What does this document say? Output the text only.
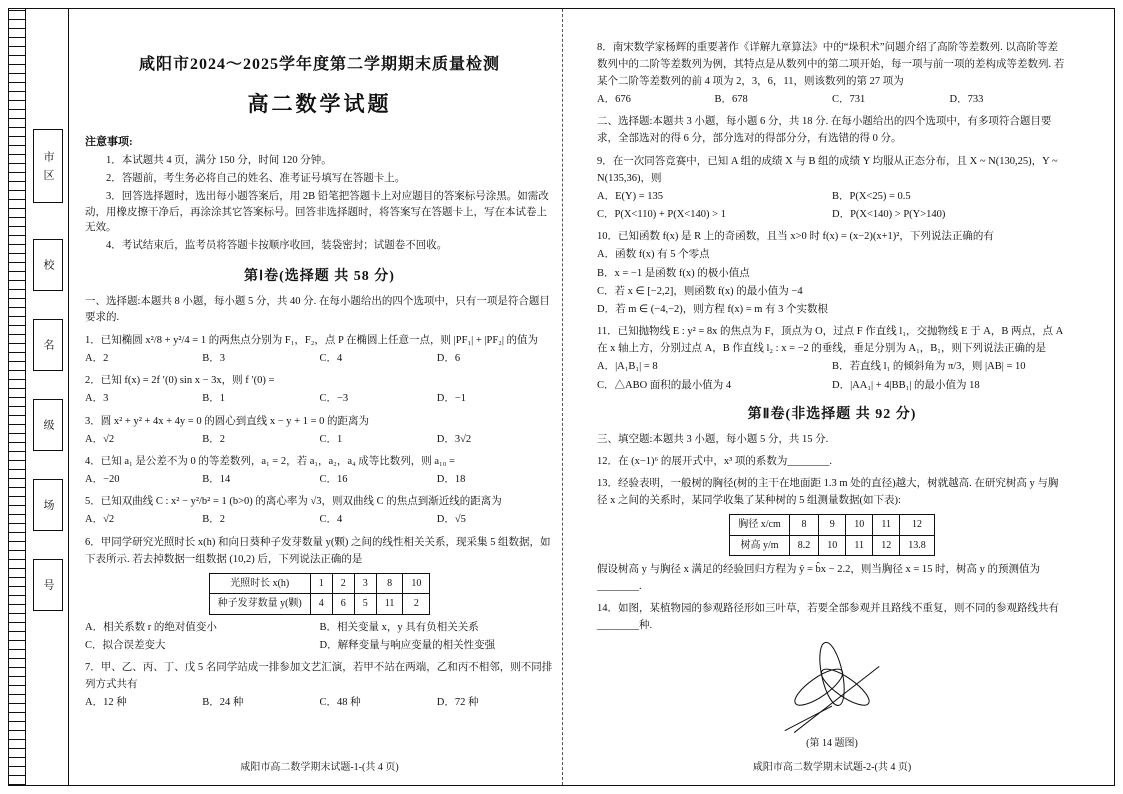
市 区
校
名
级
场
号
咸阳市2024～2025学年度第二学期期末质量检测
高二数学试题
注意事项:
1．本试题共 4 页，满分 150 分，时间 120 分钟。
2．答题前，考生务必将自己的姓名、准考证号填写在答题卡上。
3．回答选择题时，选出每小题答案后，用 2B 铅笔把答题卡上对应题目的答案标号涂黑。如需改动，用橡皮擦干净后，再涂涂其它答案标号。回答非选择题时，将答案写在答题卡上，写在本试卷上无效。
4．考试结束后，监考员将答题卡按顺序收回，装袋密封；试题卷不回收。
第Ⅰ卷(选择题 共 58 分)
一、选择题:本题共 8 小题，每小题 5 分，共 40 分. 在每小题给出的四个选项中，只有一项是符合题目要求的.
1．已知椭圆 x²/8 + y²/4 = 1 的两焦点分别为 F₁，F₂，点 P 在椭圆上任意一点，则 |PF₁| + |PF₂| 的值为
A．2	B．3	C．4	D．6
2．已知 f(x) = 2f ′(0) sin x − 3x，则 f ′(0) =
A．3	B．1	C．−3	D．−1
3．圆 x² + y² + 4x + 4y = 0 的圆心到直线 x − y + 1 = 0 的距离为
A．√2	B．2	C．1	D．3√2
4．已知 a₁ 是公差不为 0 的等差数列，a₁ = 2，若 a₁，a₂，a₄ 成等比数列，则 a₁₀ =
A．−20	B．14	C．16	D．18
5．已知双曲线 C : x² − y²/b² = 1 (b>0) 的离心率为 √3，则双曲线 C 的焦点到渐近线的距离为
A．√2	B．2	C．4	D．√5
6．甲同学研究光照时长 x(h) 和向日葵种子发芽数量 y(颗) 之间的线性相关关系，现采集 5 组数据，如下表所示. 若去掉数据一组数据 (10,2) 后，下列说法正确的是
光照时长 x(h)	1	2	3	8	10
种子发芽数量 y(颗)	4	6	5	11	2
A．相关系数 r 的绝对值变小	B．相关变量 x，y 具有负相关关系
C．拟合误差变大	D．解释变量与响应变量的相关性变强
7．甲、乙、丙、丁、戊 5 名同学站成一排参加文艺汇演，若甲不站在两端，乙和丙不相邻，则不同排列方式共有
A．12 种	B．24 种	C．48 种	D．72 种
咸阳市高二数学期末试题-1-(共 4 页)
8．南宋数学家杨辉的重要著作《详解九章算法》中的“垛积术”问题介绍了高阶等差数列. 以高阶等差数列中的二阶等差数列为例，其特点是从数列中的第二项开始，每一项与前一项的差构成等差数列. 若某个二阶等差数列的前 4 项为 2，3，6，11，则该数列的第 27 项为
A．676	B．678	C．731	D．733
二、选择题:本题共 3 小题，每小题 6 分，共 18 分. 在每小题给出的四个选项中，有多项符合题目要求，全部选对的得 6 分，部分选对的得部分分，有选错的得 0 分。
9．在一次同答竞赛中，已知 A 组的成绩 X 与 B 组的成绩 Y 均服从正态分布，且 X ~ N(130,25)，Y ~ N(135,36)，则
A．E(Y) = 135	B．P(X<25) = 0.5
C．P(X<110) + P(X<140) > 1	D．P(X<140) > P(Y>140)
10．已知函数 f(x) 是 R 上的奇函数，且当 x>0 时 f(x) = (x−2)(x+1)²，下列说法正确的有
A．函数 f(x) 有 5 个零点
B．x = −1 是函数 f(x) 的极小值点
C．若 x ∈ [−2,2]，则函数 f(x) 的最小值为 −4
D．若 m ∈ (−4,−2)，则方程 f(x) = m 有 3 个实数根
11．已知抛物线 E : y² = 8x 的焦点为 F，顶点为 O，过点 F 作直线 l₁，交抛物线 E 于 A，B 两点，点 A 在 x 轴上方，分别过点 A，B 作直线 l₂ : x = −2 的垂线，垂足分别为 A₁，B₁，则下列说法正确的是
A．|A₁B₁| = 8	B．若直线 l₁ 的倾斜角为 π/3，则 |AB| = 10
C．△ABO 面积的最小值为 4	D．|AA₁| + 4|BB₁| 的最小值为 18
第Ⅱ卷(非选择题 共 92 分)
三、填空题:本题共 3 小题，每小题 5 分，共 15 分.
12．在 (x−1)⁶ 的展开式中，x³ 项的系数为________.
13．经验表明，一般树的胸径(树的主干在地面距 1.3 m 处的直径)越大，树就越高. 在研究树高 y 与胸径 x 之间的关系时，某同学收集了某种树的 5 组测量数据(如下表):
胸径 x/cm	8	9	10	11	12
树高 y/m	8.2	10	11	12	13.8
假设树高 y 与胸径 x 满足的经验回归方程为 ŷ = b̂x − 2.2，则当胸径 x = 15 时，树高 y 的预测值为________.
14．如图，某植物园的参观路径形如三叶草，若要全部参观并且路线不重复，则不同的参观路线共有________种.
(第 14 题图)
咸阳市高二数学期末试题-2-(共 4 页)
